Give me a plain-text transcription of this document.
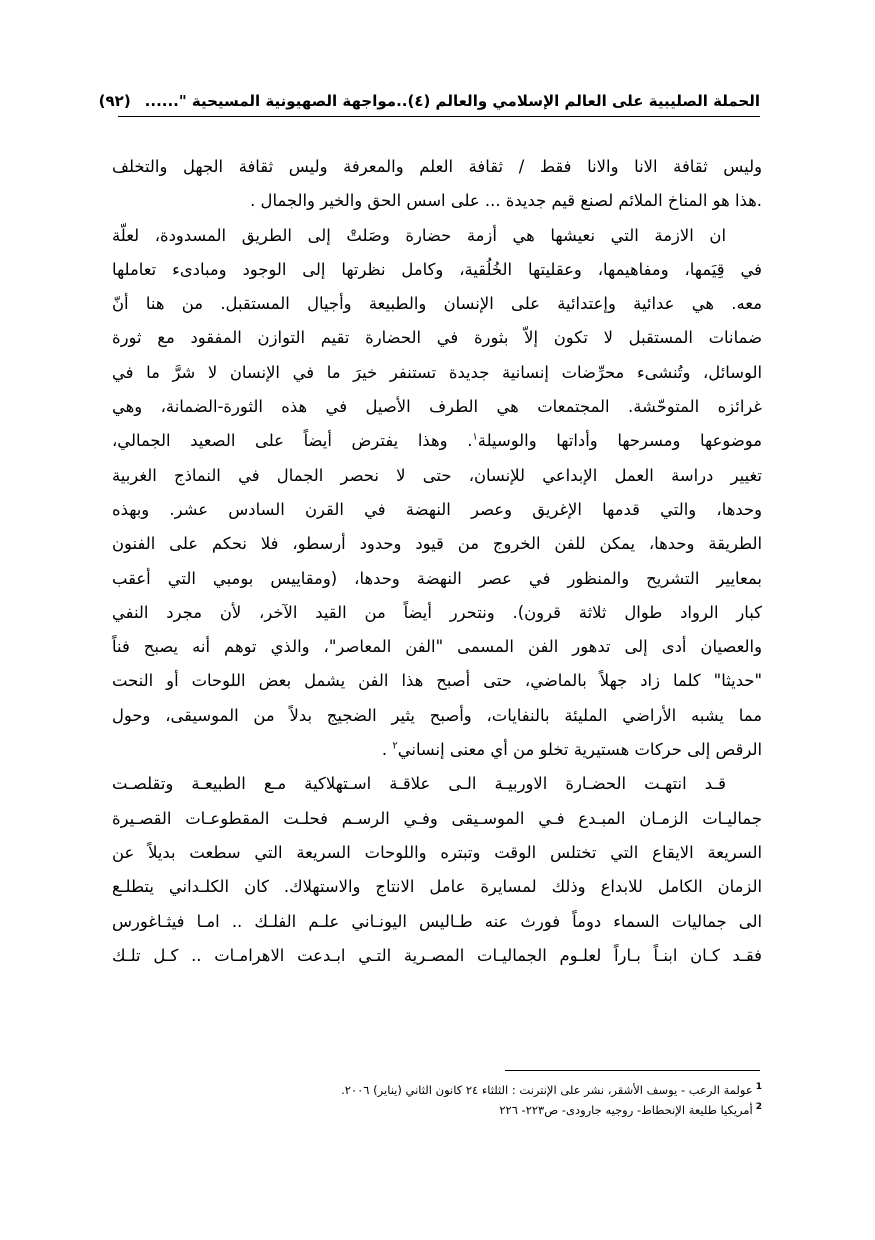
الحملة الصليبية على العالم الإسلامي والعالم (٤)..مواجهة الصهيونية المسيحية "......(٩٢)
وليس ثقافة الانا والانا فقط / ثقافة العلم والمعرفة وليس ثقافة الجهل والتخلف
.هذا هو المناخ الملائم لصنع قيم جديدة ... على اسس الحق والخير والجمال .
ان الازمة التي نعيشها هي أزمة حضارة وصَلتْ إلى الطريق المسدودة، لعلّة
في قِيَمها، ومفاهيمها، وعقليتها الخُلُقية، وكامل نظرتها إلى الوجود ومبادىء تعاملها
معه. هي عدائية وإعتدائية على الإنسان والطبيعة وأجيال المستقبل. من هنا أنّ
ضمانات المستقبل لا تكون إلاّ بثورة في الحضارة تقيم التوازن المفقود مع ثورة
الوسائل، وتُنشىء محرِّضات إنسانية جديدة تستنفر خيرَ ما في الإنسان لا شرَّ ما في
غرائزه المتوحّشة. المجتمعات هي الطرف الأصيل في هذه الثورة-الضمانة، وهي
موضوعها ومسرحها وأداتها والوسيلة$^١$. وهذا يفترض أيضاً على الصعيد الجمالي،
تغيير دراسة العمل الإبداعي للإنسان، حتى لا نحصر الجمال في النماذج الغربية
وحدها، والتي قدمها الإغريق وعصر النهضة في القرن السادس عشر. وبهذه
الطريقة وحدها، يمكن للفن الخروج من قيود وحدود أرسطو، فلا نحكم على الفنون
بمعايير التشريح والمنظور في عصر النهضة وحدها، (ومقاييس بومبي التي أعقب
كبار الرواد طوال ثلاثة قرون). ونتحرر أيضاً من القيد الآخر، لأن مجرد النفي
والعصيان أدى إلى تدهور الفن المسمى "الفن المعاصر"، والذي توهم أنه يصبح فناً
"حديثا" كلما زاد جهلاً بالماضي، حتى أصبح هذا الفن يشمل بعض اللوحات أو النحت
مما يشبه الأراضي المليئة بالنفايات، وأصبح يثير الضجيج بدلاً من الموسيقى، وحول
الرقص إلى حركات هستيرية تخلو من أي معنى إنساني$^٢$ .
قـد انتهـت الحضـارة الاوربيـة الـى علاقـة اسـتهلاكية مـع الطبيعـة وتقلصـت
جماليـات الزمـان المبـدع فـي الموسـيقى وفـي الرسـم فحلـت المقطوعـات القصـيرة
السريعة الايقاع التي تختلس الوقت وتبتره واللوحات السريعة التي سطعت بديلاً عن
الزمان الكامل للابداع وذلك لمسايرة عامل الانتاج والاستهلاك. كان الكلـداني يتطلـع
الى جماليات السماء دوماً فورث عنه طـاليس اليونـاني علـم الفلـك .. امـا فيثـاغورس
فقـد كـان ابنـاً بـاراً لعلـوم الجماليـات المصـرية التـي ابـدعت الاهرامـات .. كـل تلـك
$^1$عولمة الرعب - يوسف الأشقر، نشر على الإنترنت : الثلثاء ٢٤ كانون الثاني (يناير) ٢٠٠٦.
$^2$أمريكيا طليعة الإنحطاط- روجيه جارودى- ص٢٢٣- ٢٢٦
